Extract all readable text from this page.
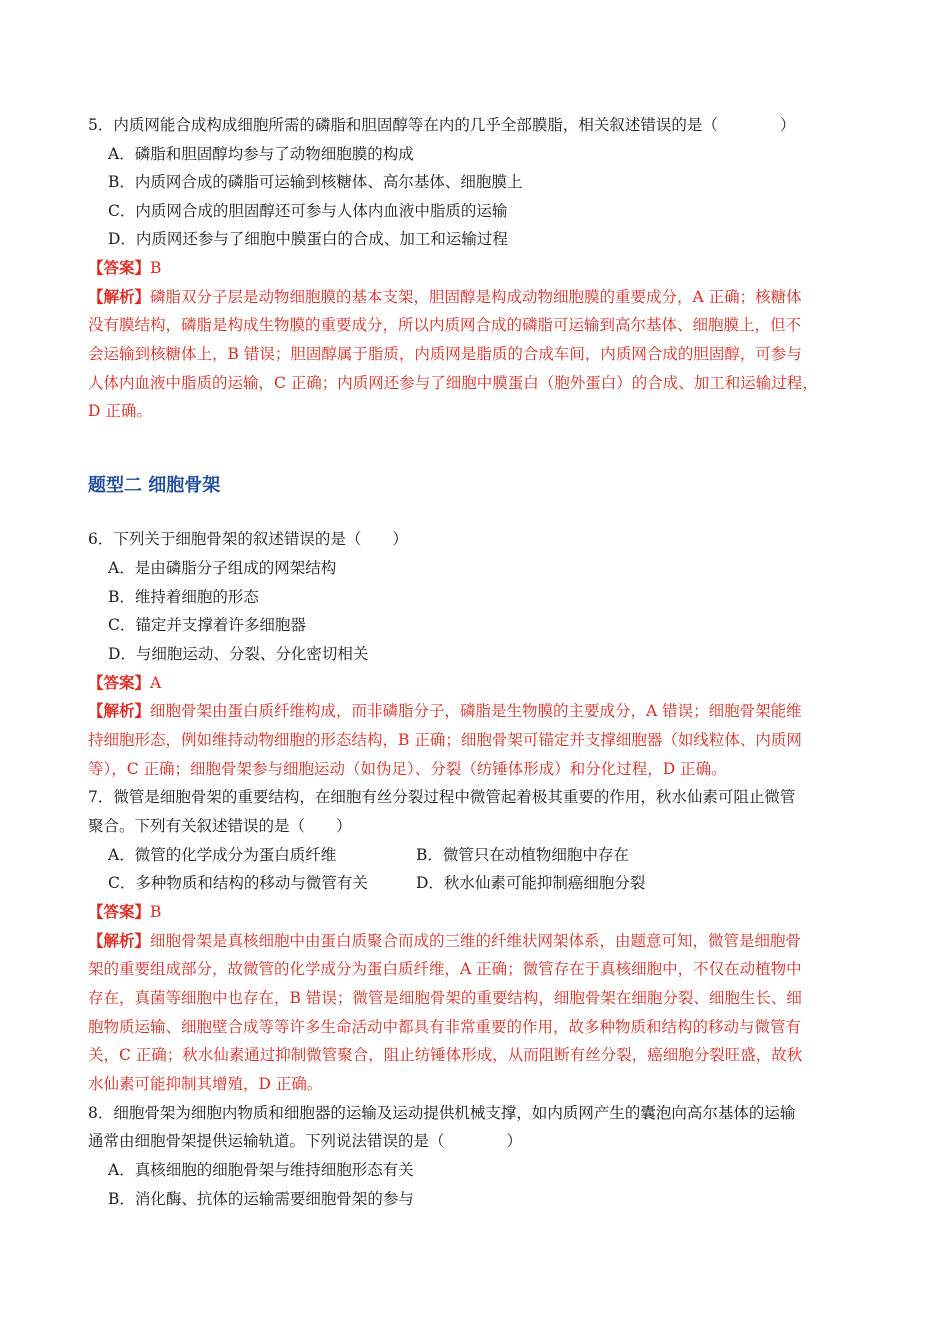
5．内质网能合成构成细胞所需的磷脂和胆固醇等在内的几乎全部膜脂，相关叙述错误的是（　　　　）
A．磷脂和胆固醇均参与了动物细胞膜的构成
B．内质网合成的磷脂可运输到核糖体、高尔基体、细胞膜上
C．内质网合成的胆固醇还可参与人体内血液中脂质的运输
D．内质网还参与了细胞中膜蛋白的合成、加工和运输过程
【答案】B
【解析】磷脂双分子层是动物细胞膜的基本支架，胆固醇是构成动物细胞膜的重要成分，A 正确；核糖体
没有膜结构，磷脂是构成生物膜的重要成分，所以内质网合成的磷脂可运输到高尔基体、细胞膜上，但不
会运输到核糖体上，B 错误；胆固醇属于脂质，内质网是脂质的合成车间，内质网合成的胆固醇，可参与
人体内血液中脂质的运输，C 正确；内质网还参与了细胞中膜蛋白（胞外蛋白）的合成、加工和运输过程，
D 正确。
题型二 细胞骨架
6．下列关于细胞骨架的叙述错误的是（　　）
A．是由磷脂分子组成的网架结构
B．维持着细胞的形态
C．锚定并支撑着许多细胞器
D．与细胞运动、分裂、分化密切相关
【答案】A
【解析】细胞骨架由蛋白质纤维构成，而非磷脂分子，磷脂是生物膜的主要成分，A 错误；细胞骨架能维
持细胞形态，例如维持动物细胞的形态结构，B 正确；细胞骨架可锚定并支撑细胞器（如线粒体、内质网
等），C 正确；细胞骨架参与细胞运动（如伪足）、分裂（纺锤体形成）和分化过程，D 正确。
7．微管是细胞骨架的重要结构，在细胞有丝分裂过程中微管起着极其重要的作用，秋水仙素可阻止微管
聚合。下列有关叙述错误的是（　　）
A．微管的化学成分为蛋白质纤维	B．微管只在动植物细胞中存在
C．多种物质和结构的移动与微管有关	D．秋水仙素可能抑制癌细胞分裂
【答案】B
【解析】细胞骨架是真核细胞中由蛋白质聚合而成的三维的纤维状网架体系，由题意可知，微管是细胞骨
架的重要组成部分，故微管的化学成分为蛋白质纤维，A 正确；微管存在于真核细胞中，不仅在动植物中
存在，真菌等细胞中也存在，B 错误；微管是细胞骨架的重要结构，细胞骨架在细胞分裂、细胞生长、细
胞物质运输、细胞壁合成等等许多生命活动中都具有非常重要的作用，故多种物质和结构的移动与微管有
关，C 正确；秋水仙素通过抑制微管聚合，阻止纺锤体形成，从而阻断有丝分裂，癌细胞分裂旺盛，故秋
水仙素可能抑制其增殖，D 正确。
8．细胞骨架为细胞内物质和细胞器的运输及运动提供机械支撑，如内质网产生的囊泡向高尔基体的运输
通常由细胞骨架提供运输轨道。下列说法错误的是（　　　　）
A．真核细胞的细胞骨架与维持细胞形态有关
B．消化酶、抗体的运输需要细胞骨架的参与
